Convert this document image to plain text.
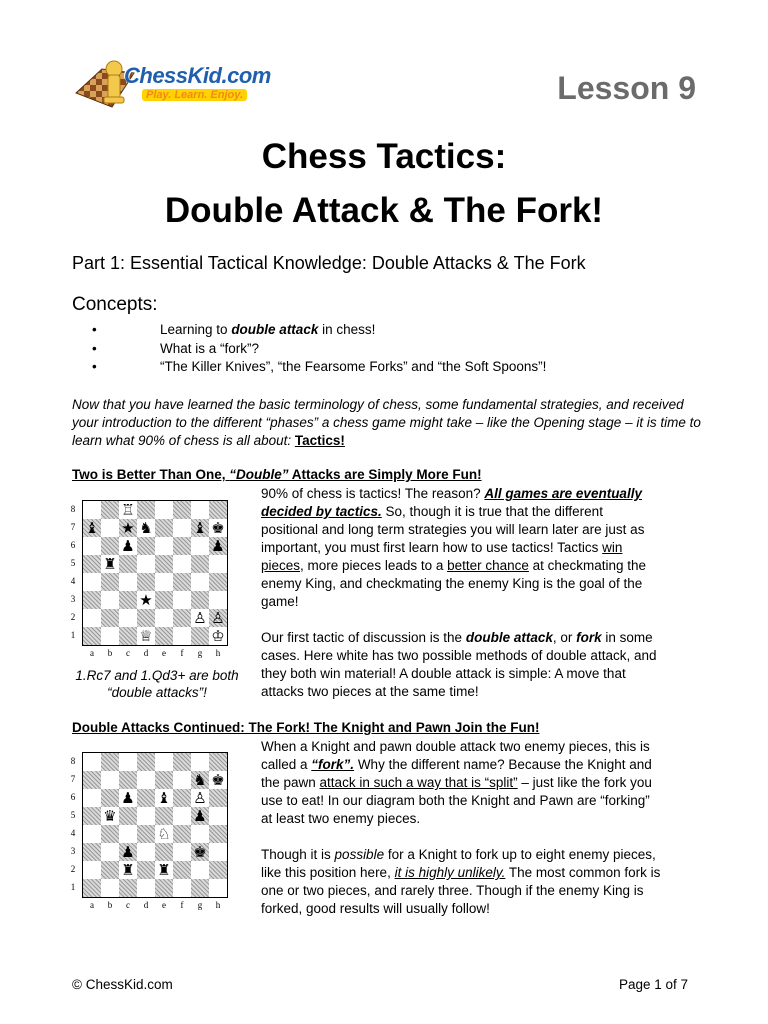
ChessKid.com
Play. Learn. Enjoy.	Lesson 9
Chess Tactics:
Double Attack & The Fork!
Part 1: Essential Tactical Knowledge: Double Attacks & The Fork
Concepts:
•	Learning to double attack in chess!
•	What is a “fork”?
•	“The Killer Knives”, “the Fearsome Forks” and “the Soft Spoons”!
Now that you have learned the basic terminology of chess, some fundamental strategies, and received your introduction to the different “phases” a chess game might take – like the Opening stage – it is time to learn what 90% of chess is all about: Tactics!
Two is Better Than One, “Double” Attacks are Simply More Fun!
90% of chess is tactics! The reason? All games are eventually decided by tactics. So, though it is true that the different positional and long term strategies you will learn later are just as important, you must first learn how to use tactics! Tactics win pieces, more pieces leads to a better chance at checkmating the enemy King, and checkmating the enemy King is the goal of the game!
Our first tactic of discussion is the double attack, or fork in some cases. Here white has two possible methods of double attack, and they both win material! A double attack is simple: A move that attacks two pieces at the same time!
♖
♝ ★ ♞	♝ ♚
♟	♟
♜
★
♙ ♙
♕	♔
8
7
6
5
4
3
2
1
a	b	c	d	e	f	g	h
1.Rc7 and 1.Qd3+ are both “double attacks”!
Double Attacks Continued: The Fork! The Knight and Pawn Join the Fun!
When a Knight and pawn double attack two enemy pieces, this is called a “fork”. Why the different name? Because the Knight and the pawn attack in such a way that is “split” – just like the fork you use to eat! In our diagram both the Knight and Pawn are “forking” at least two enemy pieces.
Though it is possible for a Knight to fork up to eight enemy pieces, like this position here, it is highly unlikely. The most common fork is one or two pieces, and rarely three. Though if the enemy King is forked, good results will usually follow!
♞ ♚
♟ ♝ ♙
♛	♟
♘
♟	♚
♜ ♜
8
7
6
5
4
3
2
1
a	b	c	d	e	f	g	h
© ChessKid.com	Page 1 of 7
